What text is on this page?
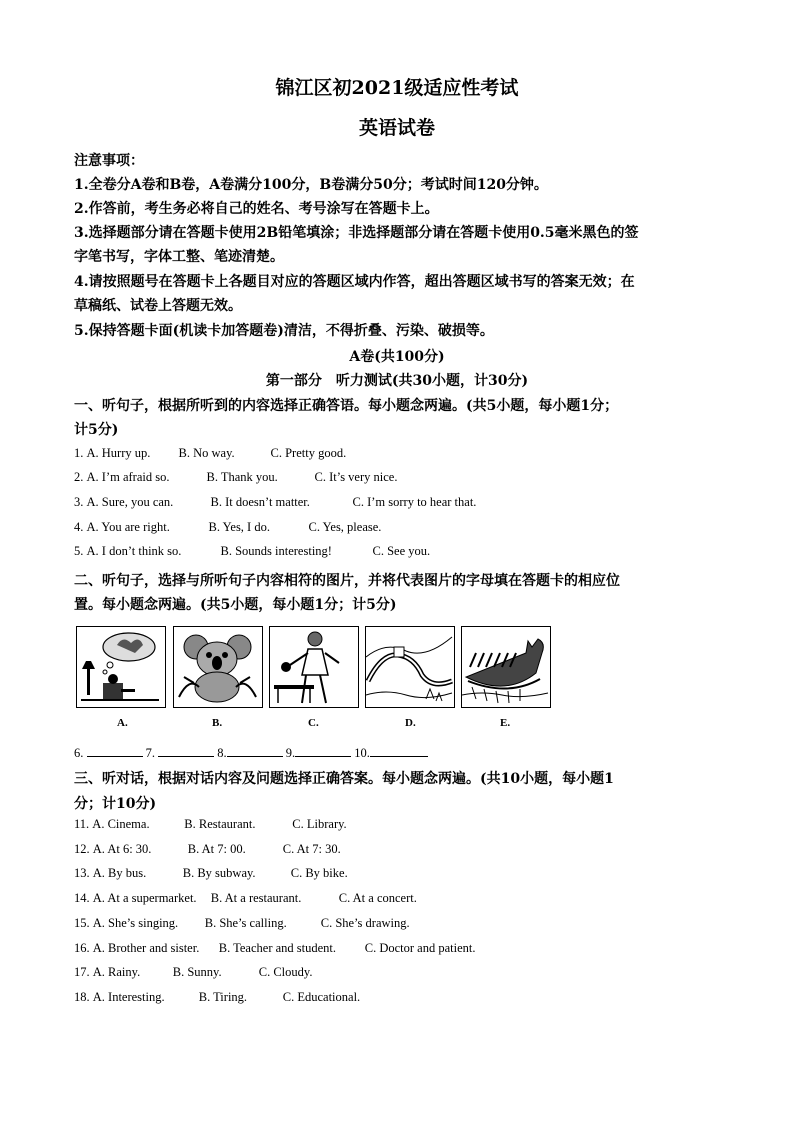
锦江区初2021级适应性考试
英语试卷
注意事项：
1.全卷分A卷和B卷，A卷满分100分，B卷满分50分；考试时间120分钟。
2.作答前，考生务必将自己的姓名、考号涂写在答题卡上。
3.选择题部分请在答题卡使用2B铅笔填涂；非选择题部分请在答题卡使用0.5毫米黑色的签
字笔书写，字体工整、笔迹清楚。
4.请按照题号在答题卡上各题目对应的答题区域内作答，超出答题区域书写的答案无效；在
草稿纸、试卷上答题无效。
5.保持答题卡面(机读卡加答题卷)清洁，不得折叠、污染、破损等。
A卷(共100分)
第一部分　听力测试(共30小题，计30分)
一、听句子，根据所听到的内容选择正确答语。每小题念两遍。(共5小题，每小题1分；
计5分)
1. A. Hurry up. B. No way.	C. Pretty good.
2. A. I’m afraid so.	B. Thank you.	C. It’s very nice.
3. A. Sure, you can.	B. It doesn’t matter.	C. I’m sorry to hear that.
4. A. You are right.	B. Yes, I do.	C. Yes, please.
5. A. I don’t think so.	B. Sounds interesting!	C. See you.
二、听句子，选择与所听句子内容相符的图片，并将代表图片的字母填在答题卡的相应位
置。每小题念两遍。(共5小题，每小题1分；计5分)
A.	B.	C.	D.	E.
6.	7.	8.	9.	10.
三、听对话，根据对话内容及问题选择正确答案。每小题念两遍。(共10小题，每小题1
分；计10分)
11. A. Cinema.	B. Restaurant.	C. Library.
12. A. At 6: 30.	B. At 7: 00.	C. At 7: 30.
13. A. By bus.	B. By subway.	C. By bike.
14. A. At a supermarket. B. At a restaurant.	C. At a concert.
15. A. She’s singing. B. She’s calling.	C. She’s drawing.
16. A. Brother and sister. B. Teacher and student. C. Doctor and patient.
17. A. Rainy.	B. Sunny.	C. Cloudy.
18. A. Interesting.	B. Tiring.	C. Educational.
